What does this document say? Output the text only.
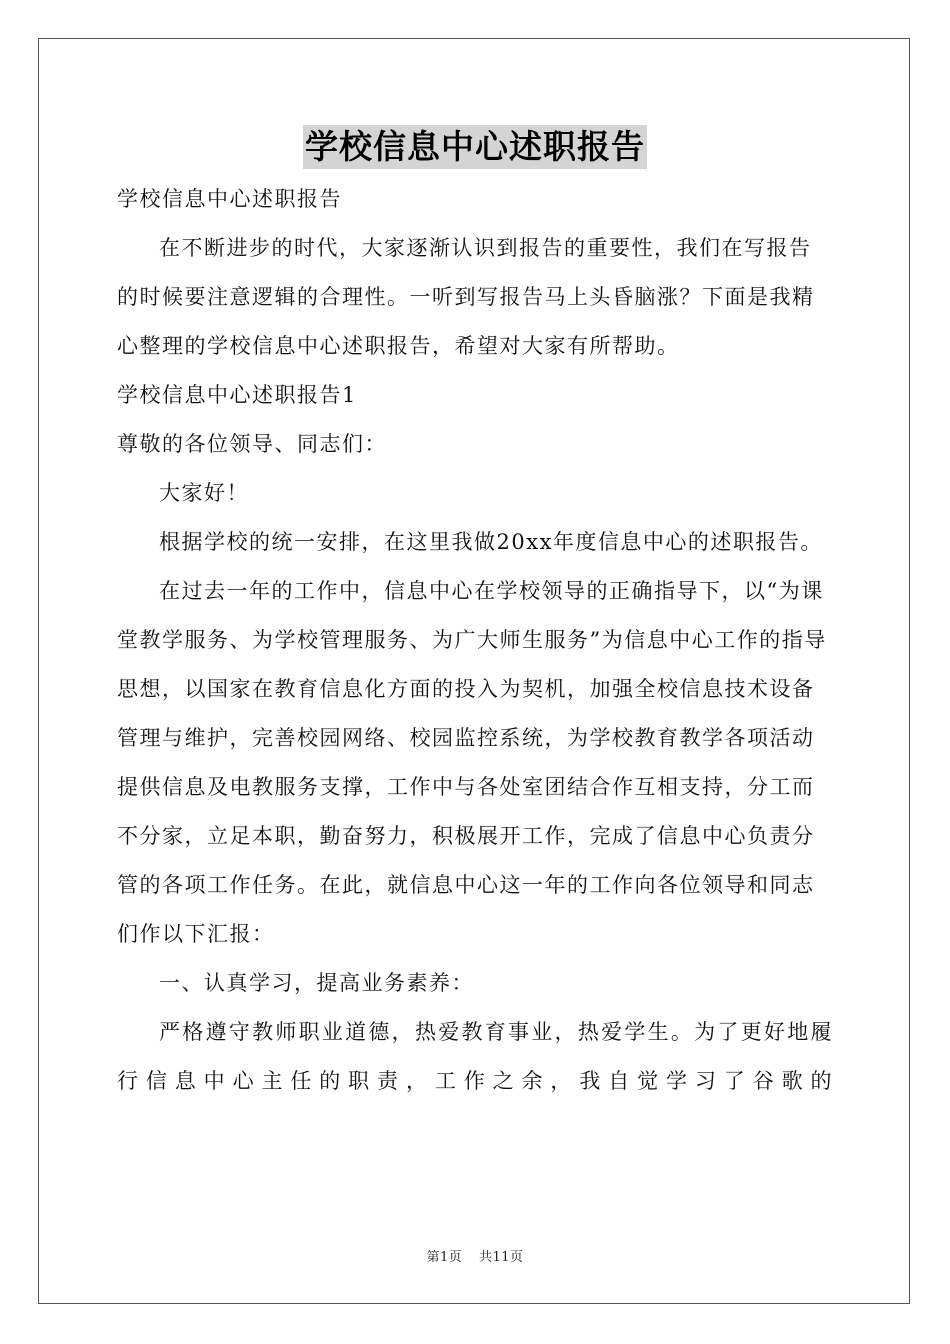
学校信息中心述职报告

学校信息中心述职报告

在不断进步的时代，大家逐渐认识到报告的重要性，我们在写报告的时候要注意逻辑的合理性。一听到写报告马上头昏脑涨？下面是我精心整理的学校信息中心述职报告，希望对大家有所帮助。

学校信息中心述职报告1

尊敬的各位领导、同志们：

大家好！

根据学校的统一安排，在这里我做20xx年度信息中心的述职报告。

在过去一年的工作中，信息中心在学校领导的正确指导下，以“为课堂教学服务、为学校管理服务、为广大师生服务”为信息中心工作的指导思想，以国家在教育信息化方面的投入为契机，加强全校信息技术设备管理与维护，完善校园网络、校园监控系统，为学校教育教学各项活动提供信息及电教服务支撑，工作中与各处室团结合作互相支持，分工而不分家，立足本职，勤奋努力，积极展开工作，完成了信息中心负责分管的各项工作任务。在此，就信息中心这一年的工作向各位领导和同志们作以下汇报：

一、认真学习，提高业务素养：

严格遵守教师职业道德，热爱教育事业，热爱学生。为了更好地履行信息中心主任的职责，工作之余，我自觉学习了谷歌的

第1页 共11页
